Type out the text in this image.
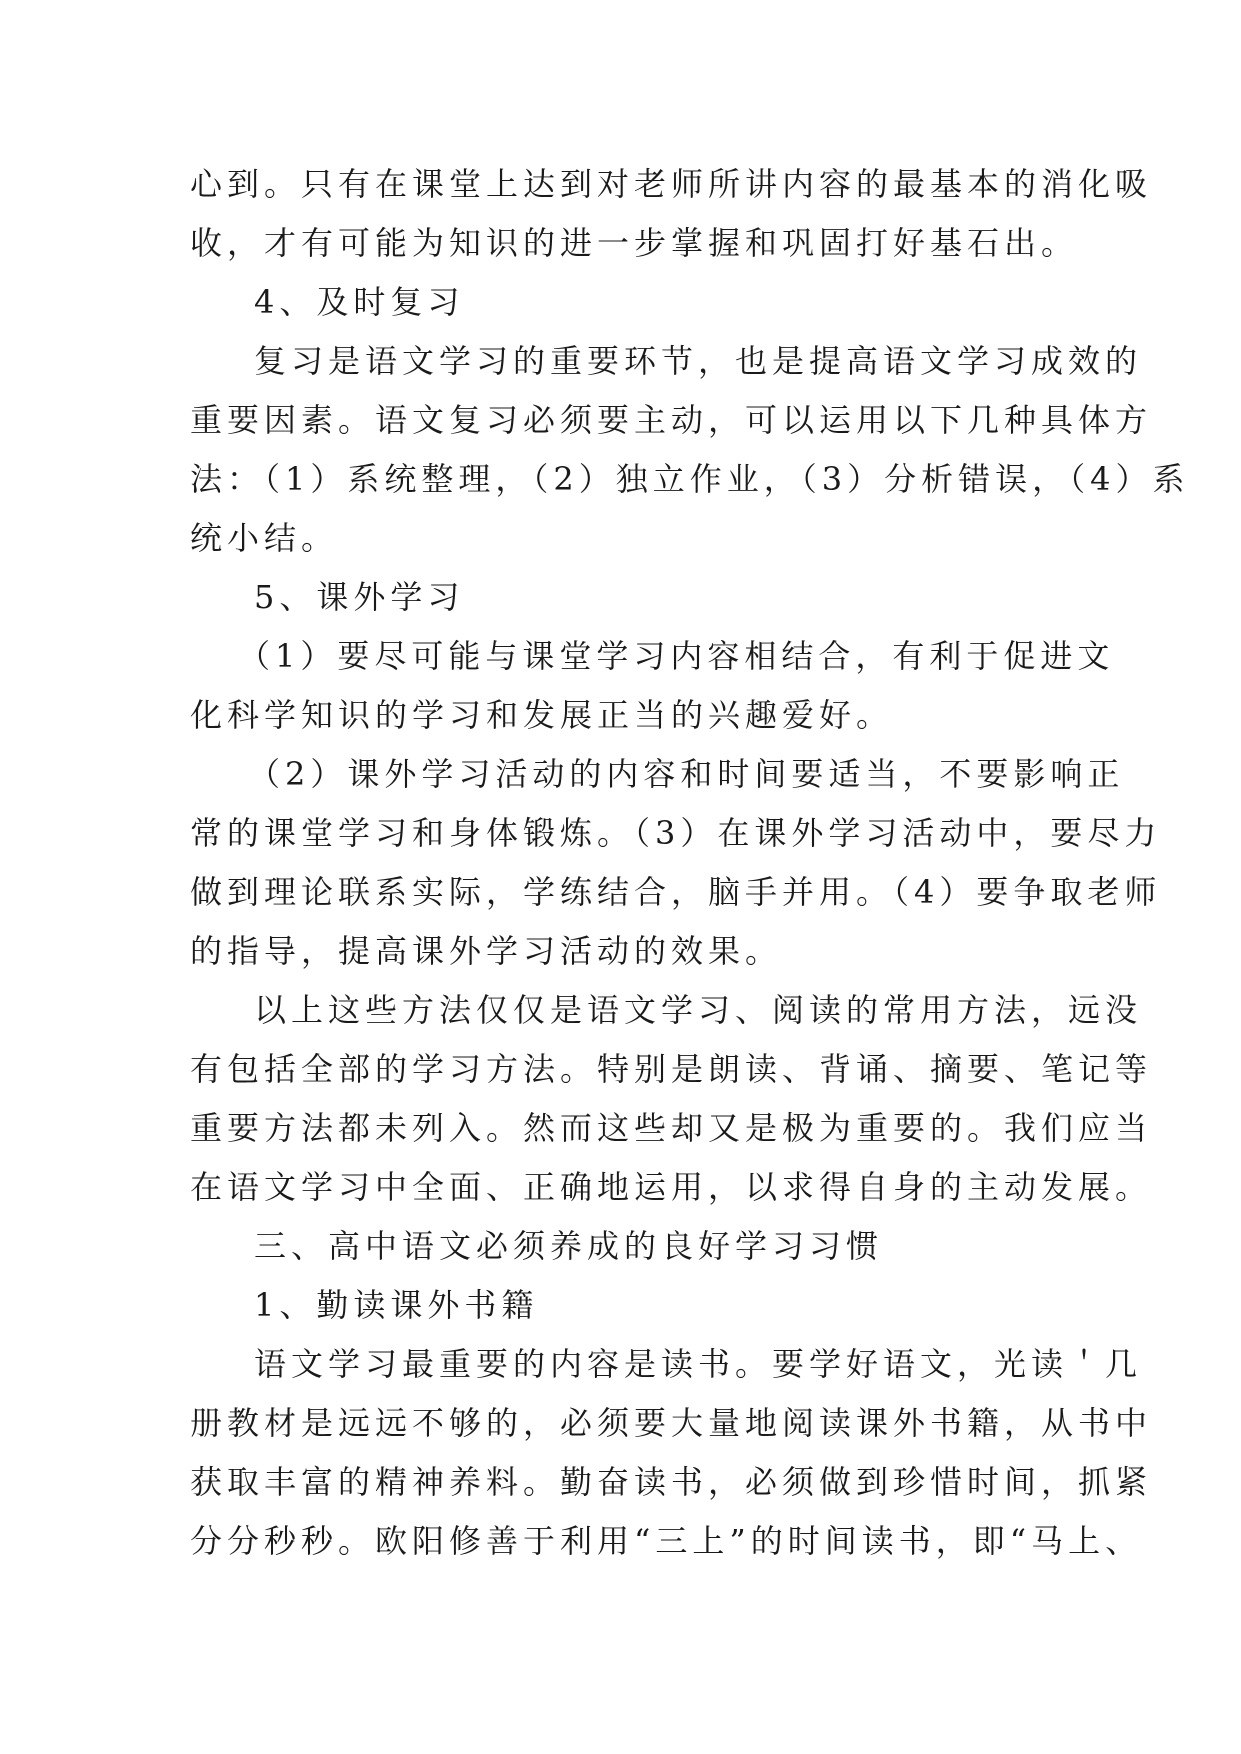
心到。只有在课堂上达到对老师所讲内容的最基本的消化吸
收，才有可能为知识的进一步掌握和巩固打好基石出。
4、及时复习
复习是语文学习的重要环节，也是提高语文学习成效的
重要因素。语文复习必须要主动，可以运用以下几种具体方
法：（1）系统整理，（2）独立作业，（3）分析错误，（4）系
统小结。
5、课外学习
（1）要尽可能与课堂学习内容相结合，有利于促进文
化科学知识的学习和发展正当的兴趣爱好。
（2）课外学习活动的内容和时间要适当，不要影响正
常的课堂学习和身体锻炼。（3）在课外学习活动中，要尽力
做到理论联系实际，学练结合，脑手并用。（4）要争取老师
的指导，提高课外学习活动的效果。
以上这些方法仅仅是语文学习、阅读的常用方法，远没
有包括全部的学习方法。特别是朗读、背诵、摘要、笔记等
重要方法都未列入。然而这些却又是极为重要的。我们应当
在语文学习中全面、正确地运用，以求得自身的主动发展。
三、高中语文必须养成的良好学习习惯
1、勤读课外书籍
语文学习最重要的内容是读书。要学好语文，光读＇几
册教材是远远不够的，必须要大量地阅读课外书籍，从书中
获取丰富的精神养料。勤奋读书，必须做到珍惜时间，抓紧
分分秒秒。欧阳修善于利用“三上”的时间读书，即“马上、
